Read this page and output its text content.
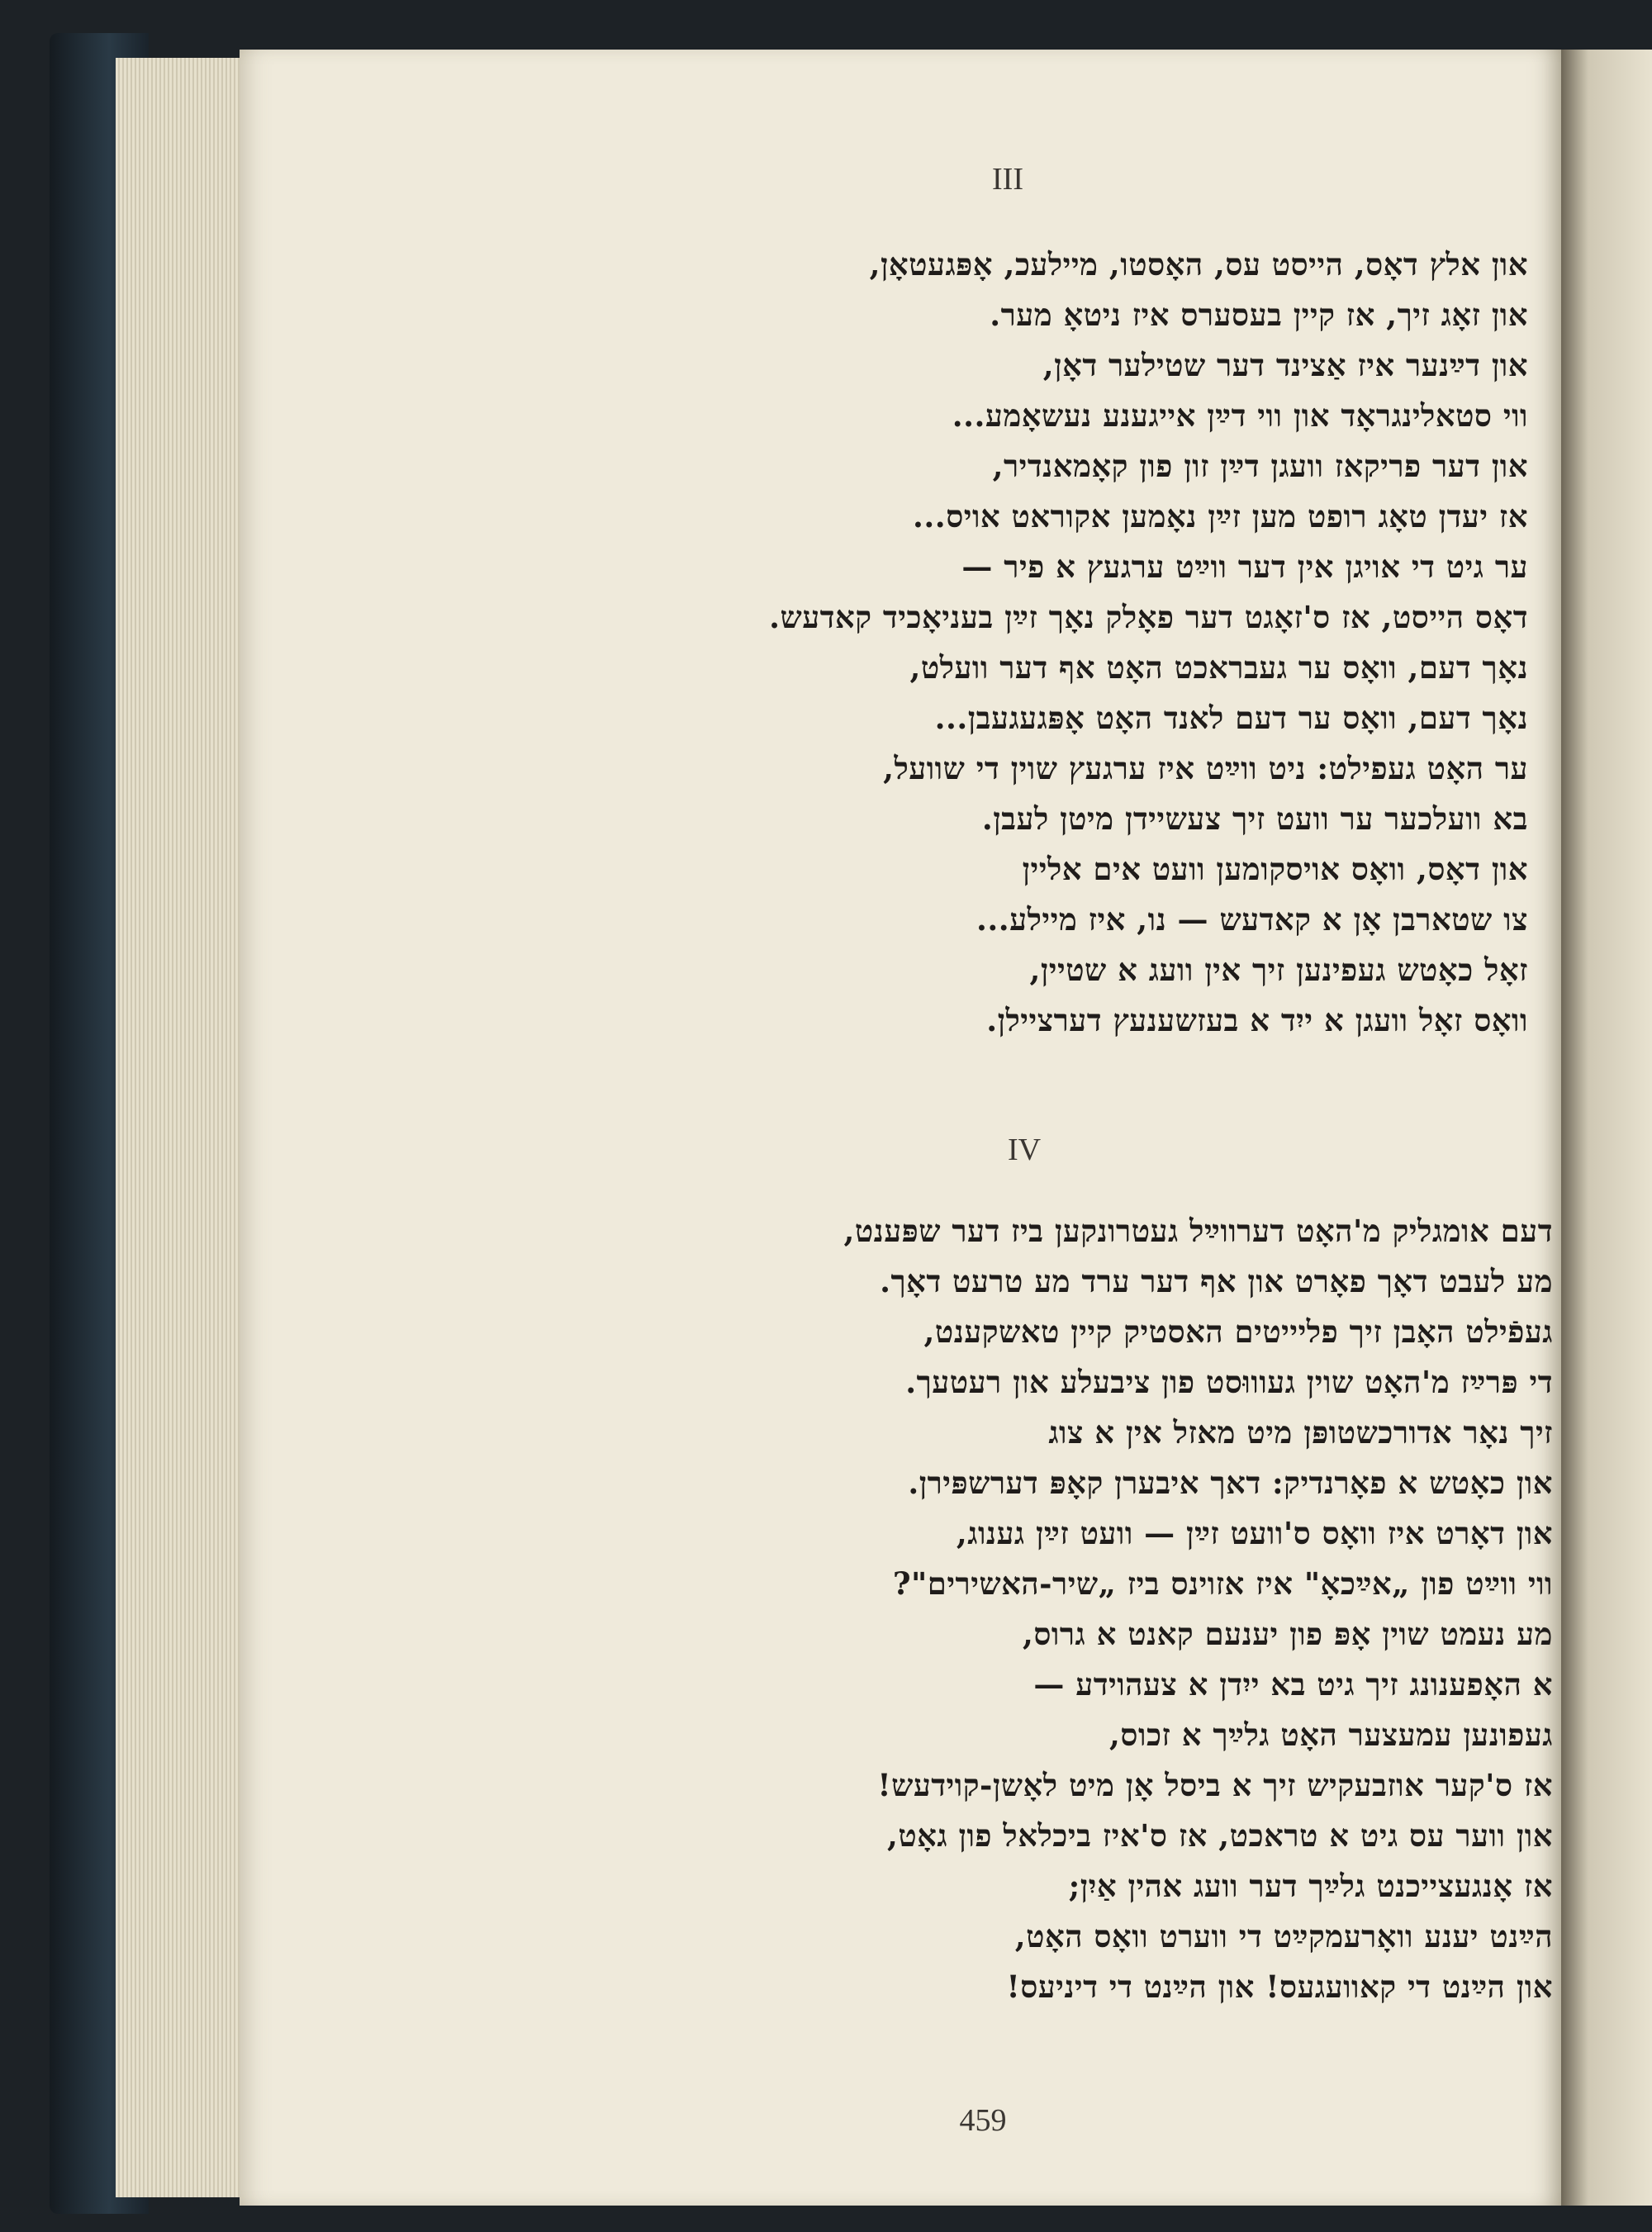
III
און אלץ דאָס, הייסט עס, האָסטו, מיילעכ, אָפּגעטאָן,
און זאָג זיך, אז קיין בעסערס איז ניטאָ מער.
און דײַנער איז אַצינד דער שטילער דאָן,
ווי סטאלינגראָד און ווי דײַן אייגענע נעשאָמע...
און דער פריקאז וועגן דײַן זון פון קאָמאנדיר,
אז יעדן טאָג רופט מען זײַן נאָמען אקוראט אויס...
ער גיט די אויגן אין דער ווײַט ערגעץ א פיר —
דאָס הייסט, אז ס'זאָגט דער פאָלק נאָך זײַן בעניאָכיד קאדעש.
נאָך דעם, וואָס ער געבראכט האָט אף דער וועלט,
נאָך דעם, וואָס ער דעם לאנד האָט אָפּגעגעבן...
ער האָט געפילט: ניט ווײַט איז ערגעץ שוין די שוועל,
בא וועלכער ער וועט זיך צעשיידן מיטן לעבן.
און דאָס, וואָס אויסקומען וועט אים אליין
צו שטארבן אָן א קאדעש — נו, איז מיילע...
זאָל כאָטש געפינען זיך אין וועג א שטיין,
וואָס זאָל וועגן א ייִד א בעזשענעץ דערציילן.
IV
דעם אומגליק מ'האָט דערווײַל געטרונקען ביז דער שפּענט,
מע לעבט דאָך פאָרט און אף דער ערד מע טרעט דאָך.
געפֿילט האָבן זיך פליייטים האסטיק קיין טאשקענט,
די פּרײַז מ'האָט שוין געוווּסט פון ציבעלע און רעטעך.
זיך נאָר אדורכשטופּן מיט מאזל אין א צוג
און כאָטש א פאָרנדיק: דאך איבערן קאָפּ דערשפּירן.
און דאָרט איז וואָס ס'וועט זײַן — וועט זײַן גענוג,
ווי ווײַט פון „אײַכאָ" איז אזוינס ביז „שיר-האשירים"?
מע נעמט שוין אָפּ פון יענעם קאנט א גרוס,
א האָפענונג זיך גיט בא ייִדן א צעהוידע —
געפונען עמעצער האָט גלײַך א זכוס,
אז ס'קער אוזבעקיש זיך א ביסל אָן מיט לאָשן-קוידעש!
און ווער עס גיט א טראכט, אז ס'איז ביכלאל פון גאָט,
אז אָנגעצייכנט גלײַך דער וועג אהין אַיִן;
הײַנט יענע וואָרעמקײַט די ווערט וואָס האָט,
און הײַנט די קאוועגעס! און הײַנט די דיניעס!
459
